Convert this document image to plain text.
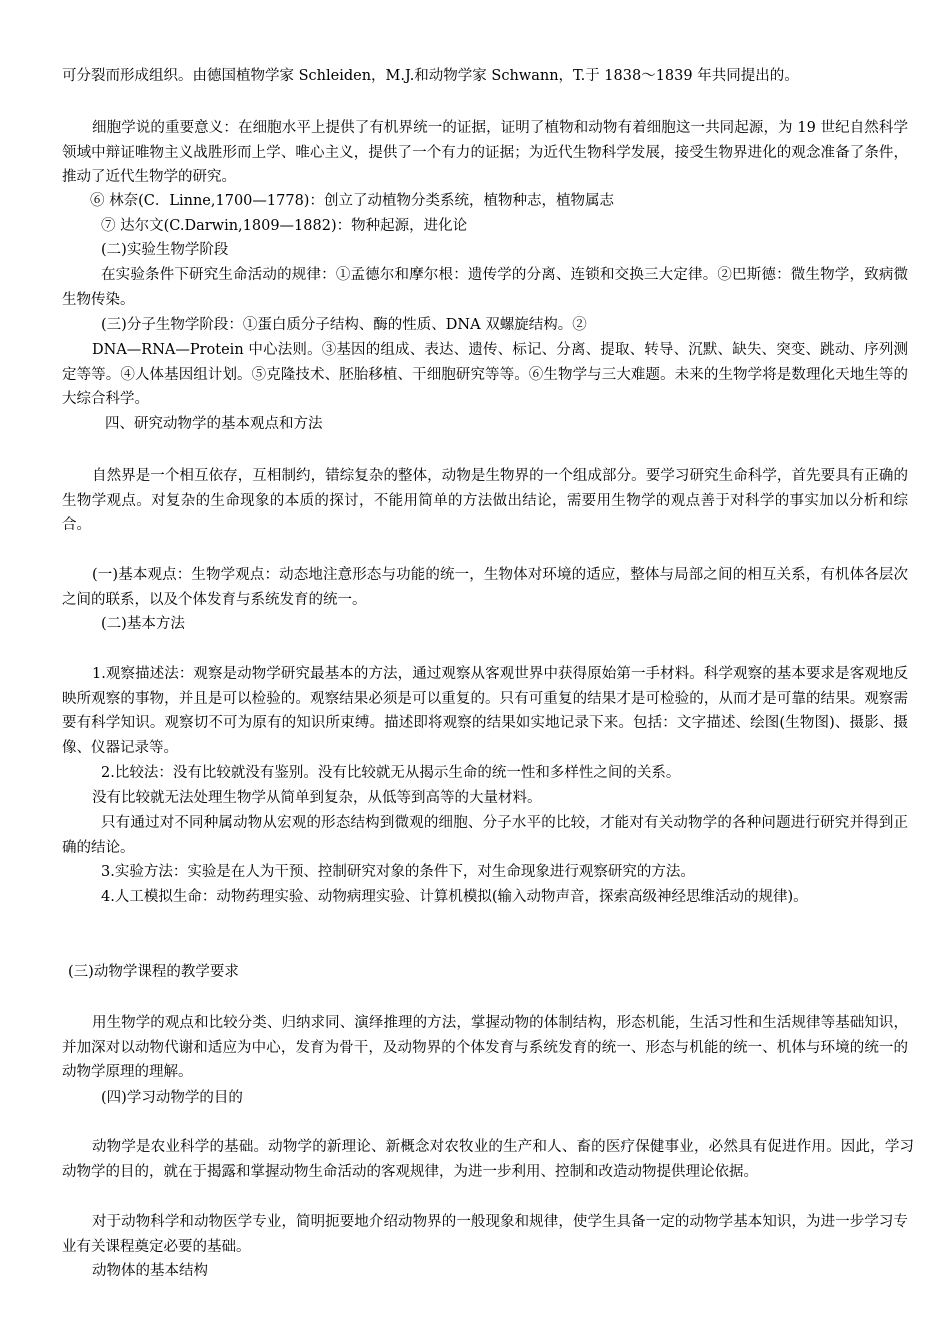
可分裂而形成组织。由德国植物学家 Schleiden，M.J.和动物学家 Schwann，T.于 1838～1839 年共同提出的。

细胞学说的重要意义：在细胞水平上提供了有机界统一的证据，证明了植物和动物有着细胞这一共同起源，为 19 世纪自然科学领域中辩证唯物主义战胜形而上学、唯心主义，提供了一个有力的证据；为近代生物科学发展，接受生物界进化的观念准备了条件，推动了近代生物学的研究。

⑥ 林奈(C．Linne,1700—1778)：创立了动植物分类系统，植物种志，植物属志

⑦ 达尔文(C.Darwin,1809—1882)：物种起源，进化论

(二)实验生物学阶段

在实验条件下研究生命活动的规律：①孟德尔和摩尔根：遗传学的分离、连锁和交换三大定律。②巴斯德：微生物学，致病微生物传染。

(三)分子生物学阶段：①蛋白质分子结构、酶的性质、DNA 双螺旋结构。②

DNA—RNA—Protein 中心法则。③基因的组成、表达、遗传、标记、分离、提取、转导、沉默、缺失、突变、跳动、序列测定等等。④人体基因组计划。⑤克隆技术、胚胎移植、干细胞研究等等。⑥生物学与三大难题。未来的生物学将是数理化天地生等的大综合科学。

四、研究动物学的基本观点和方法

自然界是一个相互依存，互相制约，错综复杂的整体，动物是生物界的一个组成部分。要学习研究生命科学，首先要具有正确的生物学观点。对复杂的生命现象的本质的探讨，不能用简单的方法做出结论，需要用生物学的观点善于对科学的事实加以分析和综合。

(一)基本观点：生物学观点：动态地注意形态与功能的统一，生物体对环境的适应，整体与局部之间的相互关系，有机体各层次之间的联系，以及个体发育与系统发育的统一。

(二)基本方法

1.观察描述法：观察是动物学研究最基本的方法，通过观察从客观世界中获得原始第一手材料。科学观察的基本要求是客观地反映所观察的事物，并且是可以检验的。观察结果必须是可以重复的。只有可重复的结果才是可检验的，从而才是可靠的结果。观察需要有科学知识。观察切不可为原有的知识所束缚。描述即将观察的结果如实地记录下来。包括：文字描述、绘图(生物图)、摄影、摄像、仪器记录等。

2.比较法：没有比较就没有鉴别。没有比较就无从揭示生命的统一性和多样性之间的关系。

没有比较就无法处理生物学从简单到复杂，从低等到高等的大量材料。

只有通过对不同种属动物从宏观的形态结构到微观的细胞、分子水平的比较，才能对有关动物学的各种问题进行研究并得到正确的结论。

3.实验方法：实验是在人为干预、控制研究对象的条件下，对生命现象进行观察研究的方法。

4.人工模拟生命：动物药理实验、动物病理实验、计算机模拟(输入动物声音，探索高级神经思维活动的规律)。

(三)动物学课程的教学要求

用生物学的观点和比较分类、归纳求同、演绎推理的方法，掌握动物的体制结构，形态机能，生活习性和生活规律等基础知识，并加深对以动物代谢和适应为中心，发育为骨干，及动物界的个体发育与系统发育的统一、形态与机能的统一、机体与环境的统一的动物学原理的理解。

(四)学习动物学的目的

动物学是农业科学的基础。动物学的新理论、新概念对农牧业的生产和人、畜的医疗保健事业，必然具有促进作用。因此，学习动物学的目的，就在于揭露和掌握动物生命活动的客观规律，为进一步利用、控制和改造动物提供理论依据。

对于动物科学和动物医学专业，简明扼要地介绍动物界的一般现象和规律，使学生具备一定的动物学基本知识，为进一步学习专业有关课程奠定必要的基础。

动物体的基本结构
